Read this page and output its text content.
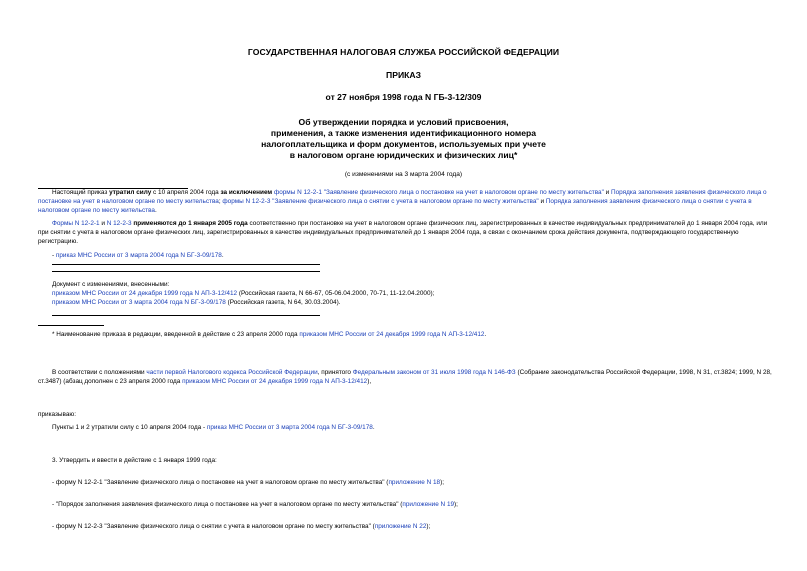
ГОСУДАРСТВЕННАЯ НАЛОГОВАЯ СЛУЖБА РОССИЙСКОЙ ФЕДЕРАЦИИ
ПРИКАЗ
от 27 ноября 1998 года N ГБ-3-12/309
Об утверждении порядка и условий присвоения,
применения, а также изменения идентификационного номера
налогоплательщика и форм документов, используемых при учете
в налоговом органе юридических и физических лиц*
(с изменениями на 3 марта 2004 года)
Настоящий приказ утратил силу с 10 апреля 2004 года за исключением формы N 12-2-1 "Заявление физического лица о постановке на учет в налоговом органе по месту жительства" и Порядка заполнения заявления физического лица о постановке на учет в налоговом органе по месту жительства; формы N 12-2-3 "Заявление физического лица о снятии с учета в налоговом органе по месту жительства" и Порядка заполнения заявления физического лица о снятии с учета в налоговом органе по месту жительства.
Формы N 12-2-1 и N 12-2-3 применяются до 1 января 2005 года соответственно при постановке на учет в налоговом органе физических лиц, зарегистрированных в качестве индивидуальных предпринимателей до 1 января 2004 года, или при снятии с учета в налоговом органе физических лиц, зарегистрированных в качестве индивидуальных предпринимателей до 1 января 2004 года, в связи с окончанием срока действия документа, подтверждающего государственную регистрацию.
- приказ МНС России от 3 марта 2004 года N БГ-3-09/178.
Документ с изменениями, внесенными:
приказом МНС России от 24 декабря 1999 года N АП-3-12/412 (Российская газета, N 66-67, 05-06.04.2000, 70-71, 11-12.04.2000);
приказом МНС России от 3 марта 2004 года N БГ-3-09/178 (Российская газета, N 64, 30.03.2004).
* Наименование приказа в редакции, введенной в действие с 23 апреля 2000 года приказом МНС России от 24 декабря 1999 года N АП-3-12/412.
В соответствии с положениями части первой Налогового кодекса Российской Федерации, принятого Федеральным законом от 31 июля 1998 года N 146-ФЗ (Собрание законодательства Российской Федерации, 1998, N 31, ст.3824; 1999, N 28, ст.3487) (абзац дополнен с 23 апреля 2000 года приказом МНС России от 24 декабря 1999 года N АП-3-12/412),
приказываю:
Пункты 1 и 2 утратили силу с 10 апреля 2004 года - приказ МНС России от 3 марта 2004 года N БГ-3-09/178.
3. Утвердить и ввести в действие с 1 января 1999 года:
- форму N 12-2-1 "Заявление физического лица о постановке на учет в налоговом органе по месту жительства" (приложение N 18);
- "Порядок заполнения заявления физического лица о постановке на учет в налоговом органе по месту жительства" (приложение N 19);
- форму N 12-2-3 "Заявление физического лица о снятии с учета в налоговом органе по месту жительства" (приложение N 22);
